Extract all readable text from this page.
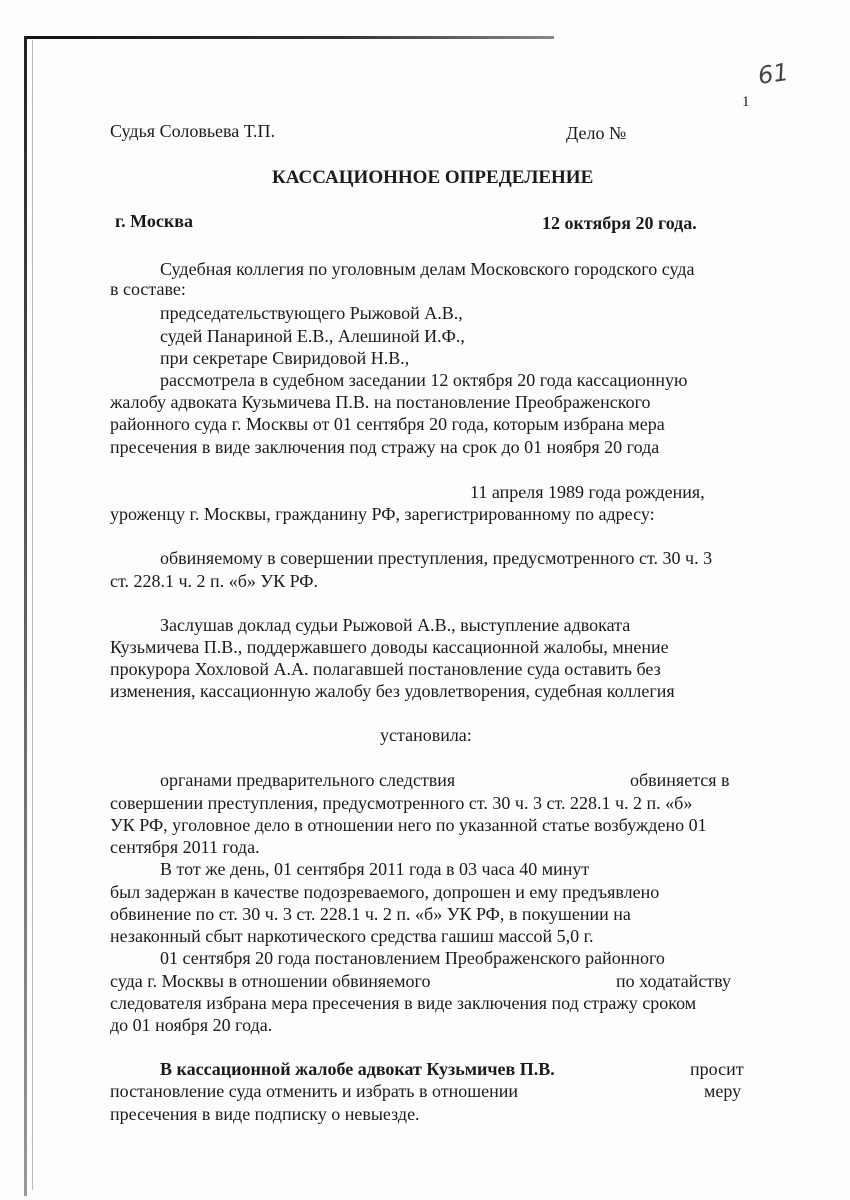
61
1
Судья Соловьева Т.П.	Дело №
КАССАЦИОННОЕ ОПРЕДЕЛЕНИЕ
г. Москва	12 октября 20 года.
Судебная коллегия по уголовным делам Московского городского суда
в составе:
председательствующего Рыжовой А.В.,
судей Панариной Е.В., Алешиной И.Ф.,
при секретаре Свиридовой Н.В.,
рассмотрела в судебном заседании 12 октября 20 года кассационную
жалобу адвоката Кузьмичева П.В. на постановление Преображенского
районного суда г. Москвы от 01 сентября 20 года, которым избрана мера
пресечения в виде заключения под стражу на срок до 01 ноября 20 года
11 апреля 1989 года рождения,
уроженцу г. Москвы, гражданину РФ, зарегистрированному по адресу:
обвиняемому в совершении преступления, предусмотренного ст. 30 ч. 3
ст. 228.1 ч. 2 п. «б» УК РФ.
Заслушав доклад судьи Рыжовой А.В., выступление адвоката
Кузьмичева П.В., поддержавшего доводы кассационной жалобы, мнение
прокурора Хохловой А.А. полагавшей постановление суда оставить без
изменения, кассационную жалобу без удовлетворения, судебная коллегия
установила:
органами предварительного следствия	обвиняется в
совершении преступления, предусмотренного ст. 30 ч. 3 ст. 228.1 ч. 2 п. «б»
УК РФ, уголовное дело в отношении него по указанной статье возбуждено 01
сентября 2011 года.
В тот же день, 01 сентября 2011 года в 03 часа 40 минут
был задержан в качестве подозреваемого, допрошен и ему предъявлено
обвинение по ст. 30 ч. 3 ст. 228.1 ч. 2 п. «б» УК РФ, в покушении на
незаконный сбыт наркотического средства гашиш массой 5,0 г.
01 сентября 20 года постановлением Преображенского районного
суда г. Москвы в отношении обвиняемого	по ходатайству
следователя избрана мера пресечения в виде заключения под стражу сроком
до 01 ноября 20 года.
В кассационной жалобе адвокат Кузьмичев П.В.	просит
постановление суда отменить и избрать в отношении	меру
пресечения в виде подписку о невыезде.
